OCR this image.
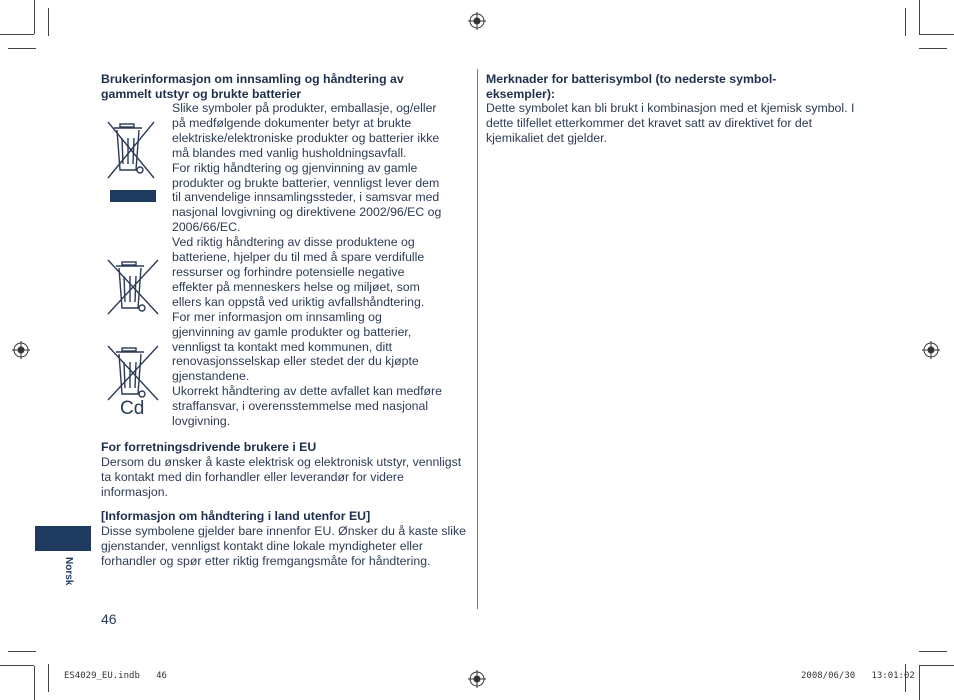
Brukerinformasjon om innsamling og håndtering av gammelt utstyr og brukte batterier
Cd
Slike symboler på produkter, emballasje, og/eller
på medfølgende dokumenter betyr at brukte
elektriske/elektroniske produkter og batterier ikke
må blandes med vanlig husholdningsavfall.
For riktig håndtering og gjenvinning av gamle
produkter og brukte batterier, vennligst lever dem
til anvendelige innsamlingssteder, i samsvar med
nasjonal lovgivning og direktivene 2002/96/EC og
2006/66/EC.
Ved riktig håndtering av disse produktene og
batteriene, hjelper du til med å spare verdifulle
ressurser og forhindre potensielle negative
effekter på menneskers helse og miljøet, som
ellers kan oppstå ved uriktig avfallshåndtering.
For mer informasjon om innsamling og
gjenvinning av gamle produkter og batterier,
vennligst ta kontakt med kommunen, ditt
renovasjonsselskap eller stedet der du kjøpte
gjenstandene.
Ukorrekt håndtering av dette avfallet kan medføre
straffansvar, i overensstemmelse med nasjonal
lovgivning.
For forretningsdrivende brukere i EU
Dersom du ønsker å kaste elektrisk og elektronisk utstyr, vennligst ta kontakt med din forhandler eller leverandør for videre informasjon.
[Informasjon om håndtering i land utenfor EU]
Disse symbolene gjelder bare innenfor EU. Ønsker du å kaste slike gjenstander, vennligst kontakt dine lokale myndigheter eller forhandler og spør etter riktig fremgangsmåte for håndtering.
Norsk
46
Merknader for batterisymbol (to nederste symbol-eksempler):
Dette symbolet kan bli brukt i kombinasjon med et kjemisk symbol. I dette tilfellet etterkommer det kravet satt av direktivet for det kjemikaliet det gjelder.
ES4029_EU.indb   46	2008/06/30   13:01:02
